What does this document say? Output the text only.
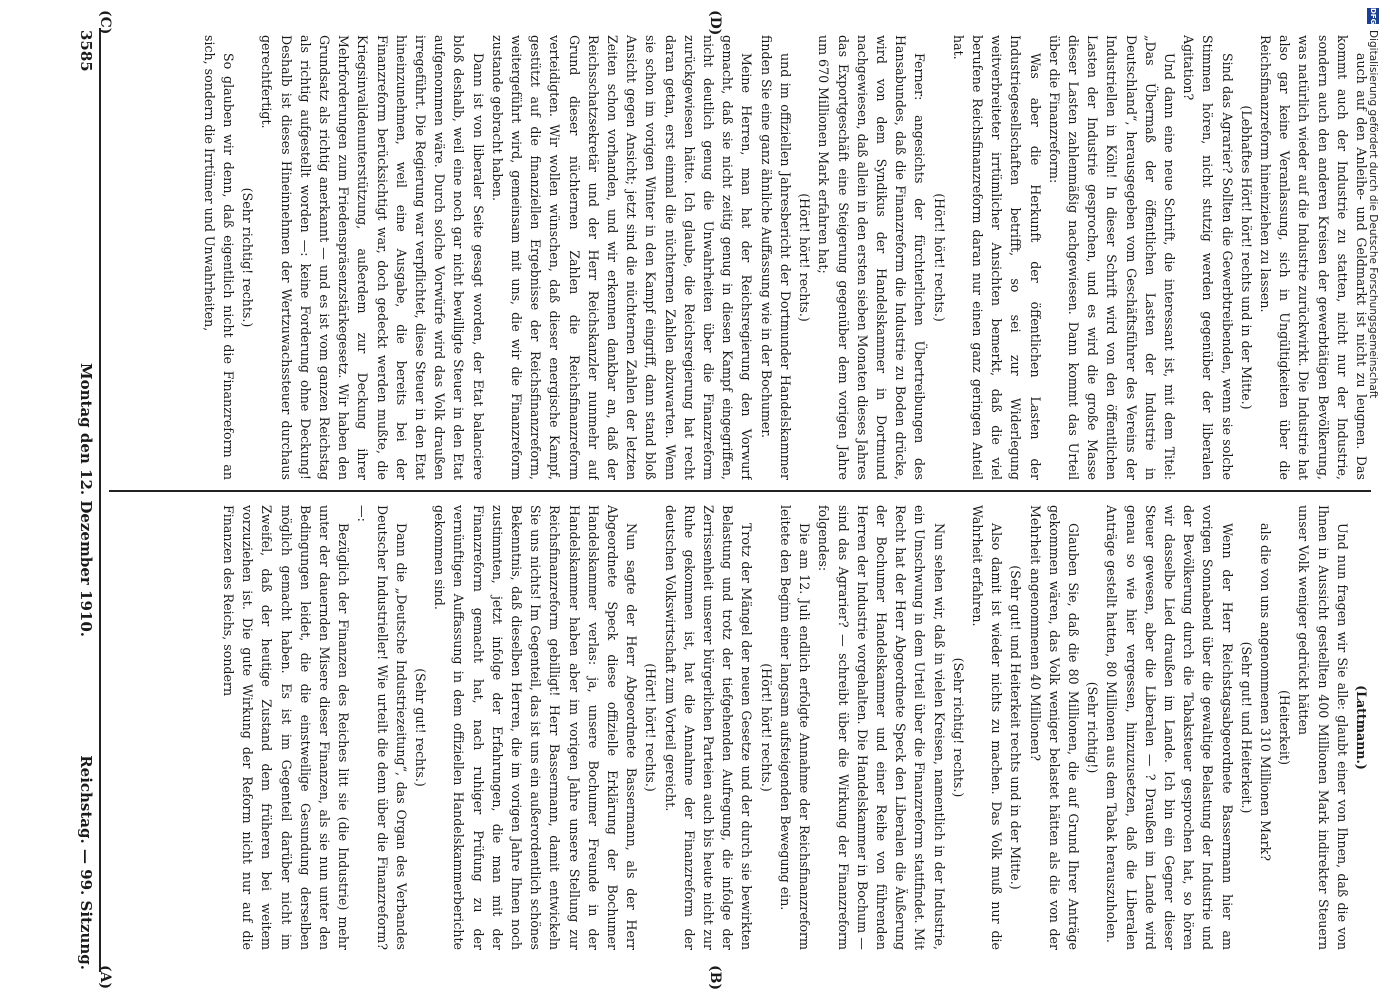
DFG
Digitalisierung gefördert durch die Deutsche Forschungsgemeinschaft

auch auf den Anleihe- und Geldmarkt ist nicht zu leugnen. Das kommt auch der Industrie zu statten, nicht nur der Industrie, sondern auch den anderen Kreisen der gewerbtätigen Bevölkerung, was natürlich wieder auf die Industrie zurückwirkt. Die Industrie hat also gar keine Veranlassung, sich in Ungültigkeiten über die Reichsfinanzreform hineinziehen zu lassen.

(Lebhaftes Hört! hört! rechts und in der Mitte.)

Sind das Agrarier? Sollten die Gewerbtreibenden, wenn sie solche Stimmen hören, nicht stutzig werden gegenüber der liberalen Agitation?

Und dann eine neue Schrift, die interessant ist, mit dem Titel: „Das Übermaß der öffentlichen Lasten der Industrie in Deutschland“, herausgegeben vom Geschäftsführer des Vereins der Industriellen in Köln! In dieser Schrift wird von den öffentlichen Lasten der Industrie gesprochen, und es wird die große Masse dieser Lasten zahlenmäßig nachgewiesen. Dann kommt das Urteil über die Finanzreform:

Was aber die Herkunft der öffentlichen Lasten der Industriegesellschaften betrifft, so sei zur Widerlegung weitverbreiteter irrtümlicher Ansichten bemerkt, daß die viel berufene Reichsfinanzreform daran nur einen ganz geringen Anteil hat.

(Hört! hört! rechts.)

Ferner: angesichts der fürchterlichen Übertreibungen des Hansabundes, daß die Finanzreform die Industrie zu Boden drücke, wird von dem Syndikus der Handelskammer in Dortmund nachgewiesen, daß allein in den ersten sieben Monaten dieses Jahres das Exportgeschäft eine Steigerung gegenüber dem vorigen Jahre um 670 Millionen Mark erfahren hat;

(Hört! hört! rechts.)

und im offiziellen Jahresbericht der Dortmunder Handelskammer finden Sie eine ganz ähnliche Auffassung wie in der Bochumer.

Meine Herren, man hat der Reichsregierung den Vorwurf gemacht, daß sie nicht zeitig genug in diesen Kampf eingegriffen, nicht deutlich genug die Unwahrheiten über die Finanzreform zurückgewiesen hätte. Ich glaube, die Reichsregierung hat recht daran getan, erst einmal die nüchternen Zahlen abzuwarten. Wenn sie schon im vorigen Winter in den Kampf eingriff, dann stand bloß Ansicht gegen Ansicht; jetzt sind die nüchternen Zahlen der letzten Zeiten schon vorhanden, und wir erkennen dankbar an, daß der Reichsschatzsekretär und der Herr Reichskanzler nunmehr auf Grund dieser nüchternen Zahlen die Reichsfinanzreform verteidigten. Wir wollen wünschen, daß dieser energische Kampf, gestützt auf die finanziellen Ergebnisse der Reichsfinanzreform, weitergeführt wird, gemeinsam mit uns, die wir die Finanzreform zustande gebracht haben.

Dann ist von liberaler Seite gesagt worden, der Etat balanciere bloß deshalb, weil eine noch gar nicht bewilligte Steuer in den Etat aufgenommen wäre. Durch solche Vorwürfe wird das Volk draußen irregeführt. Die Regierung war verpflichtet, diese Steuer in den Etat hineinzunehmen, weil eine Ausgabe, die bereits bei der Finanzreform berücksichtigt war, doch gedeckt werden mußte, die Kriegsinvalidenunterstützung, außerdem zur Deckung ihrer Mehrforderungen zum Friedenspräsenzstärkegesetz. Wir haben den Grundsatz als richtig anerkannt — und es ist vom ganzen Reichstag als richtig aufgestellt worden —: keine Forderung ohne Deckung! Deshalb ist dieses Hineinnehmen der Wertzuwachssteuer durchaus gerechtfertigt.

(Sehr richtig! rechts.)

So glauben wir denn, daß eigentlich nicht die Finanzreform an sich, sondern die Irrtümer und Unwahrheiten,

(Lattmann.)

Und nun fragen wir Sie alle: glaubt einer von Ihnen, daß die von Ihnen in Aussicht gestellten 400 Millionen Mark indirekter Steuern unser Volk weniger gedrückt hätten

(Heiterkeit)

als die von uns angenommenen 310 Millionen Mark?

(Sehr gut! und Heiterkeit.)

Wenn der Herr Reichstagsabgeordnete Bassermann hier am vorigen Sonnabend über die gewaltige Belastung der Industrie und der Bevölkerung durch die Tabaksteuer gesprochen hat, so hören wir dasselbe Lied draußen im Lande. Ich bin ein Gegner dieser Steuer gewesen, aber die Liberalen — ? Draußen im Lande wird genau so wie hier vergessen, hinzuzusetzen, daß die Liberalen Anträge gestellt hatten, 80 Millionen aus dem Tabak herauszuholen.

(Sehr richtig!)

Glauben Sie, daß die 80 Millionen, die auf Grund Ihrer Anträge gekommen wären, das Volk weniger belastet hätten als die von der Mehrheit angenommenen 40 Millionen?

(Sehr gut! und Heiterkeit rechts und in der Mitte.)

Also damit ist wieder nichts zu machen. Das Volk muß nur die Wahrheit erfahren.

(Sehr richtig! rechts.)

Nun sehen wir, daß in vielen Kreisen, namentlich in der Industrie, ein Umschwung in dem Urteil über die Finanzreform stattfindet. Mit Recht hat der Herr Abgeordnete Speck den Liberalen die Äußerung der Bochumer Handelskammer und einer Reihe von führenden Herren der Industrie vorgehalten. Die Handelskammer in Bochum — sind das Agrarier? — schreibt über die Wirkung der Finanzreform folgendes:

Die am 12. Juli endlich erfolgte Annahme der Reichsfinanzreform leitete den Beginn einer langsam aufsteigenden Bewegung ein.

(Hört! hört! rechts.)

Trotz der Mängel der neuen Gesetze und der durch sie bewirkten Belastung und trotz der tiefgehenden Aufregung, die infolge der Zerrissenheit unserer bürgerlichen Parteien auch bis heute nicht zur Ruhe gekommen ist, hat die Annahme der Finanzreform der deutschen Volkswirtschaft zum Vorteil gereicht.

(Hört! hört! rechts.)

Nun sagte der Herr Abgeordnete Bassermann, als der Herr Abgeordnete Speck diese offizielle Erklärung der Bochumer Handelskammer verlas: ja, unsere Bochumer Freunde in der Handelskammer haben aber im vorigen Jahre unsere Stellung zur Reichsfinanzreform gebilligt! Herr Bassermann, damit entwickeln Sie uns nichts! Im Gegenteil, das ist uns ein außerordentlich schönes Bekenntnis, daß dieselben Herren, die im vorigen Jahre Ihnen noch zustimmten, jetzt infolge der Erfahrungen, die man mit der Finanzreform gemacht hat, nach ruhiger Prüfung zu der vernünftigen Auffassung in dem offiziellen Handelskammerberichte gekommen sind.

(Sehr gut! rechts.)

Dann die „Deutsche Industriezeitung“, das Organ des Verbandes Deutscher Industrieller! Wie urteilt die denn über die Finanzreform? —:

Bezüglich der Finanzen des Reiches litt sie (die Industrie) mehr unter der dauernden Misere dieser Finanzen, als sie nun unter den Bedingungen leidet, die die einstweilige Gesundung derselben möglich gemacht haben. Es ist im Gegenteil darüber nicht im Zweifel, daß der heutige Zustand dem früheren bei weitem vorzuziehen ist. Die gute Wirkung der Reform nicht nur auf die Finanzen des Reichs, sondern

Reichstag. — 99. Sitzung.
Montag den 12. Dezember 1910.
3585
(A)	(B)
(C)	(D)
